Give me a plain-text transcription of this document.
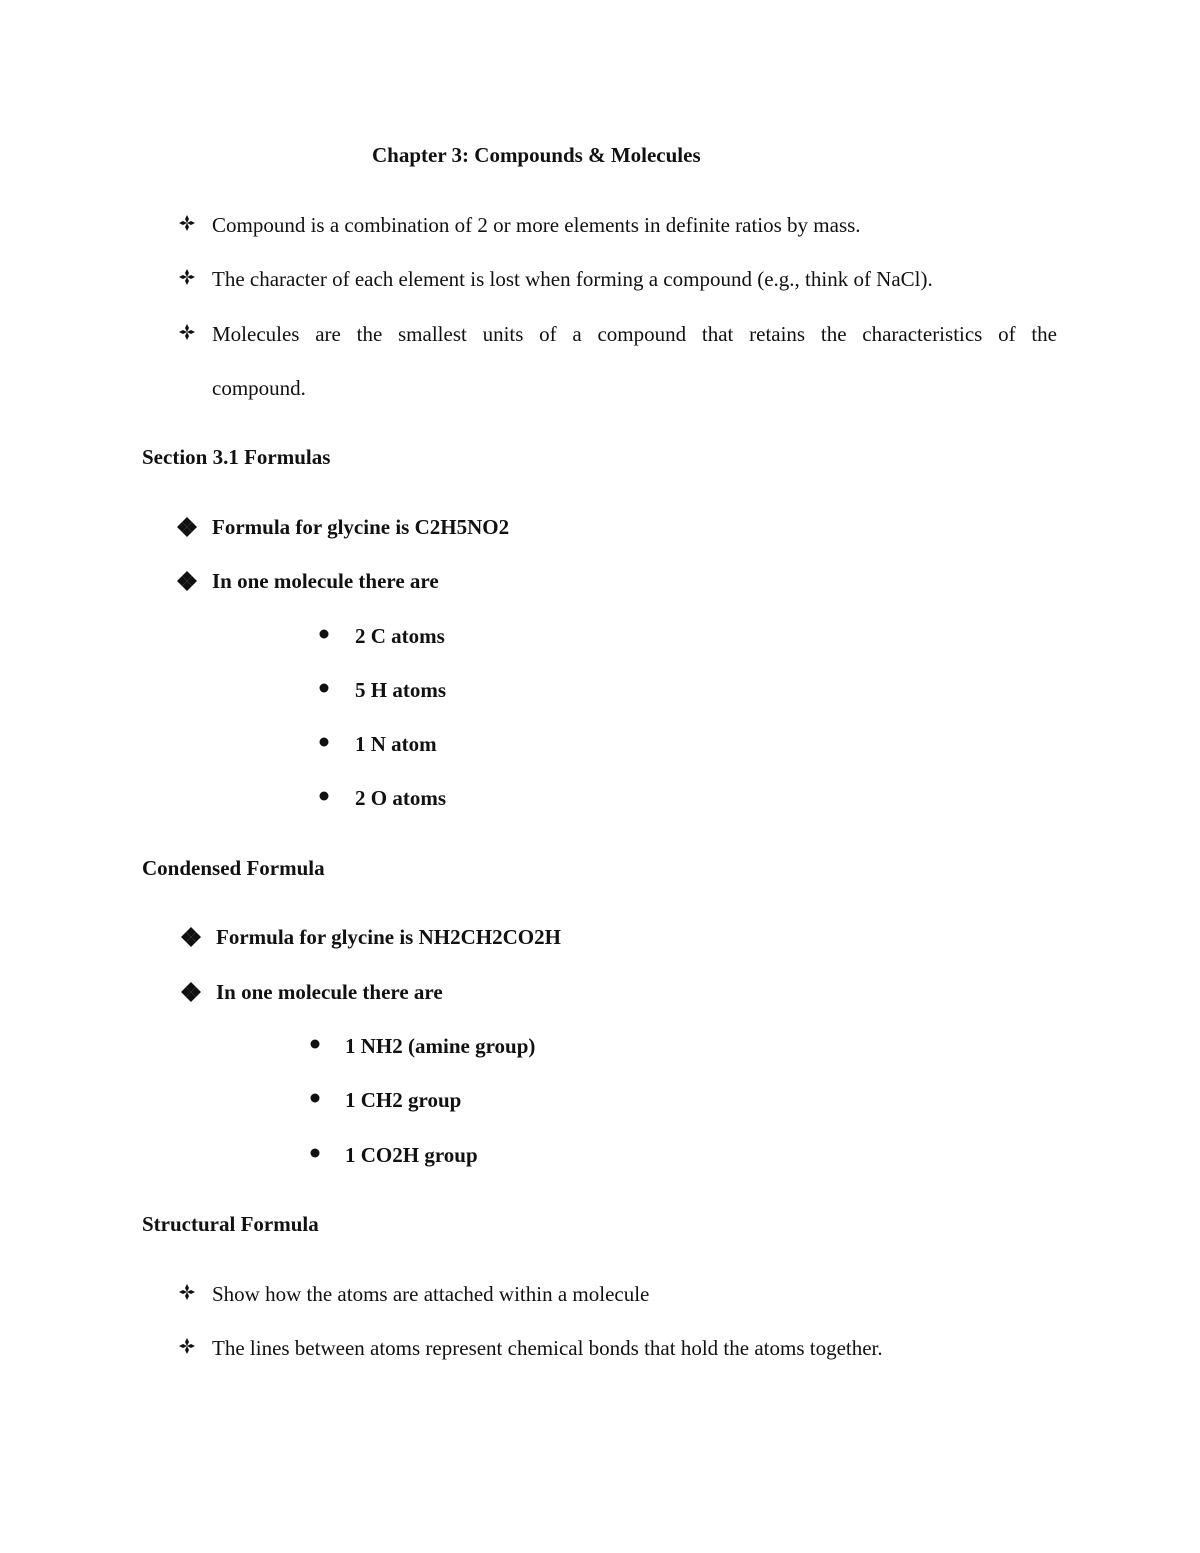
Chapter 3: Compounds & Molecules
Compound is a combination of 2 or more elements in definite ratios by mass.
The character of each element is lost when forming a compound (e.g., think of NaCl).
Molecules are the smallest units of a compound that retains the characteristics of the
compound.
Section 3.1 Formulas
Formula for glycine is C2H5NO2
In one molecule there are
2 C atoms
5 H atoms
1 N atom
2 O atoms
Condensed Formula
Formula for glycine is NH2CH2CO2H
In one molecule there are
1 NH2 (amine group)
1 CH2 group
1 CO2H group
Structural Formula
Show how the atoms are attached within a molecule
The lines between atoms represent chemical bonds that hold the atoms together.
